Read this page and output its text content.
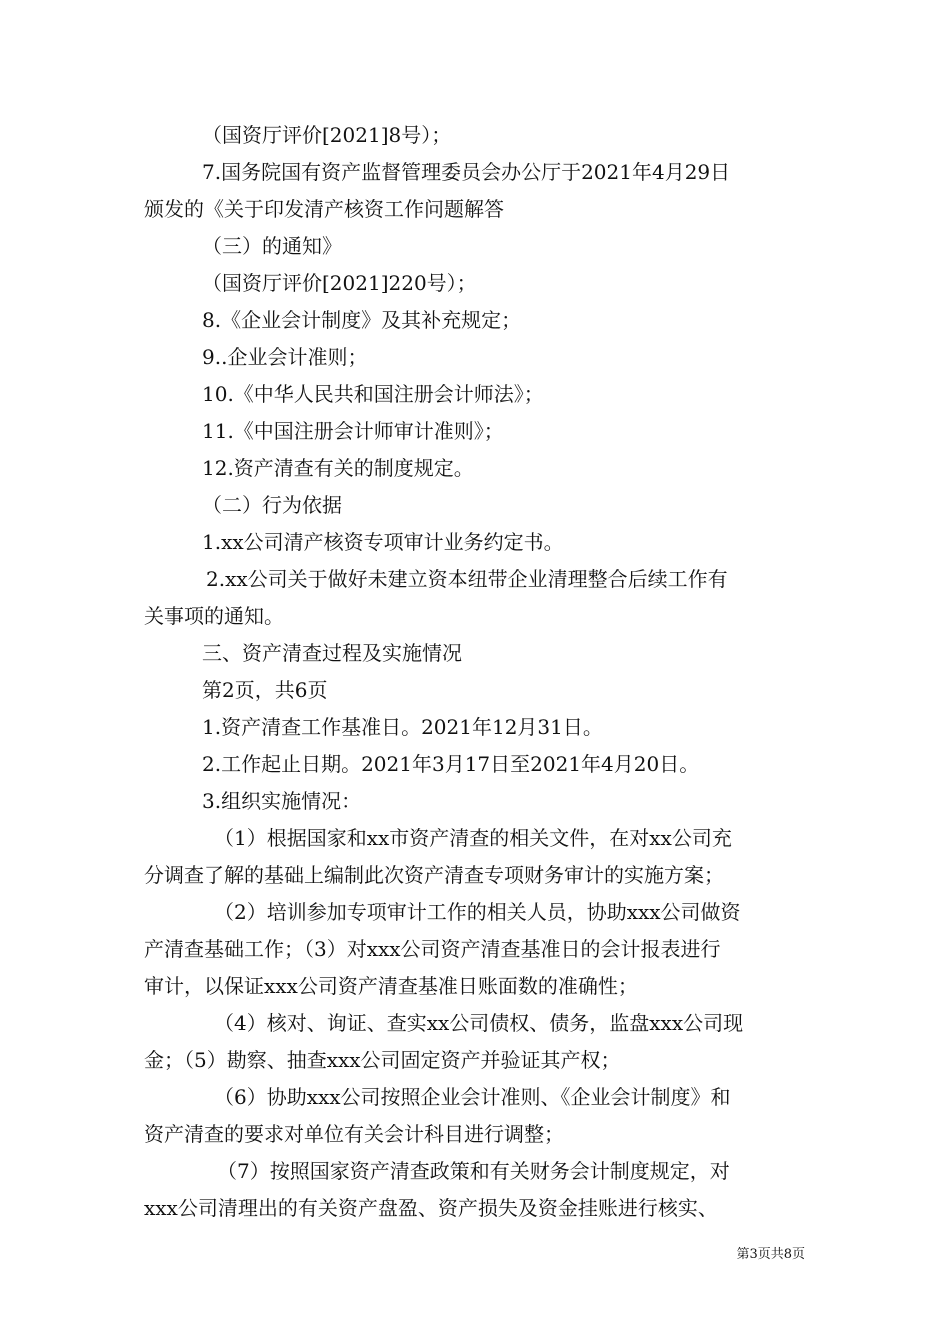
（国资厅评价[2021]8号）；
7.国务院国有资产监督管理委员会办公厅于2021年4月29日
颁发的《关于印发清产核资工作问题解答
（三）的通知》
（国资厅评价[2021]220号）；
8.《企业会计制度》及其补充规定；
9..企业会计准则；
10.《中华人民共和国注册会计师法》；
11.《中国注册会计师审计准则》；
12.资产清查有关的制度规定。
（二）行为依据
1.xx公司清产核资专项审计业务约定书。
2.xx公司关于做好未建立资本纽带企业清理整合后续工作有
关事项的通知。
三、资产清查过程及实施情况
第2页，共6页
1.资产清查工作基准日。2021年12月31日。
2.工作起止日期。2021年3月17日至2021年4月20日。
3.组织实施情况：
（1）根据国家和xx市资产清查的相关文件，在对xx公司充
分调查了解的基础上编制此次资产清查专项财务审计的实施方案；
（2）培训参加专项审计工作的相关人员，协助xxx公司做资
产清查基础工作；（3）对xxx公司资产清查基准日的会计报表进行
审计，以保证xxx公司资产清查基准日账面数的准确性；
（4）核对、询证、查实xx公司债权、债务，监盘xxx公司现
金；（5）勘察、抽查xxx公司固定资产并验证其产权；
（6）协助xxx公司按照企业会计准则、《企业会计制度》和
资产清查的要求对单位有关会计科目进行调整；
（7）按照国家资产清查政策和有关财务会计制度规定，对
xxx公司清理出的有关资产盘盈、资产损失及资金挂账进行核实、
第3页共8页
